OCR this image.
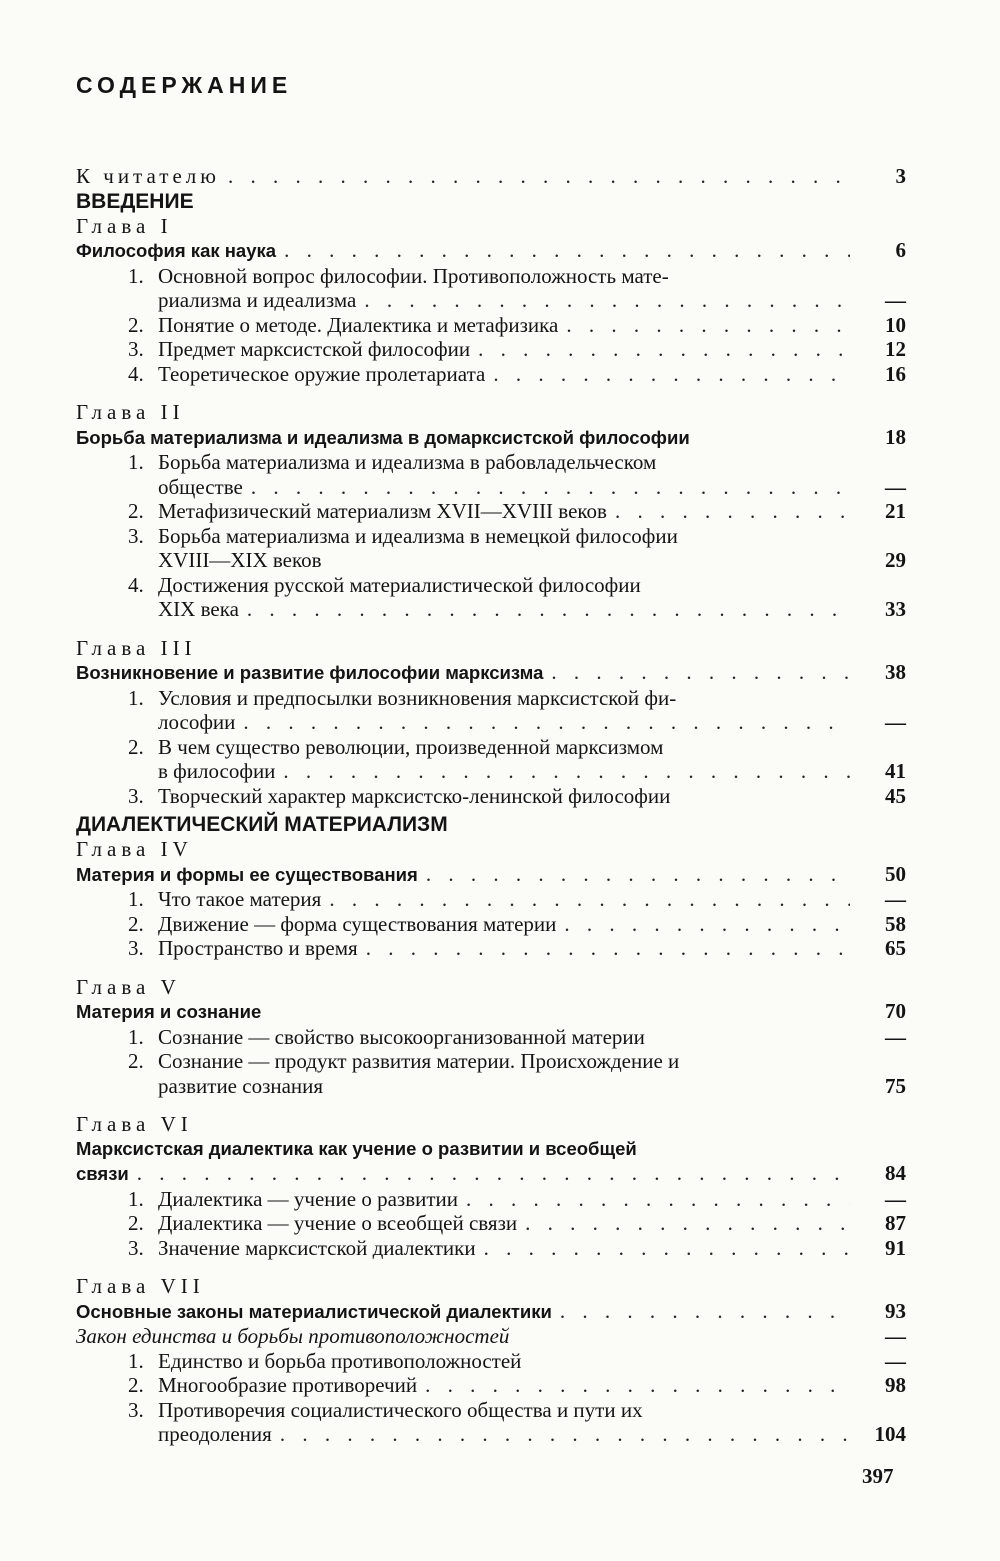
СОДЕРЖАНИЕ
К читателю . . .	3
ВВЕДЕНИЕ
Глава I
Философия как наука . . .	6
1. Основной вопрос философии. Противоположность мате-
риализма и идеализма . . .	—
2. Понятие о методе. Диалектика и метафизика . . .	10
3. Предмет марксистской философии . . .	12
4. Теоретическое оружие пролетариата . . .	16
Глава II
Борьба материализма и идеализма в домарксистской философии	18
1. Борьба материализма и идеализма в рабовладельческом
обществе . . .	—
2. Метафизический материализм XVII—XVIII веков . . .	21
3. Борьба материализма и идеализма в немецкой философии
XVIII—XIX веков	29
4. Достижения русской материалистической философии
XIX века . . .	33
Глава III
Возникновение и развитие философии марксизма . . .	38
1. Условия и предпосылки возникновения марксистской фи-
лософии . . .	—
2. В чем существо революции, произведенной марксизмом
в философии . . .	41
3. Творческий характер марксистско-ленинской философии	45
ДИАЛЕКТИЧЕСКИЙ МАТЕРИАЛИЗМ
Глава IV
Материя и формы ее существования . . .	50
1. Что такое материя . . .	—
2. Движение — форма существования материи . . .	58
3. Пространство и время . . .	65
Глава V
Материя и сознание	70
1. Сознание — свойство высокоорганизованной материи	—
2. Сознание — продукт развития материи. Происхождение и
развитие сознания	75
Глава VI
Марксистская диалектика как учение о развитии и всеобщей
связи . . .	84
1. Диалектика — учение о развитии . . .	—
2. Диалектика — учение о всеобщей связи . . .	87
3. Значение марксистской диалектики . . .	91
Глава VII
Основные законы материалистической диалектики . . .	93
Закон единства и борьбы противоположностей	—
1. Единство и борьба противоположностей	—
2. Многообразие противоречий . . .	98
3. Противоречия социалистического общества и пути их
преодоления . . .	104
397
